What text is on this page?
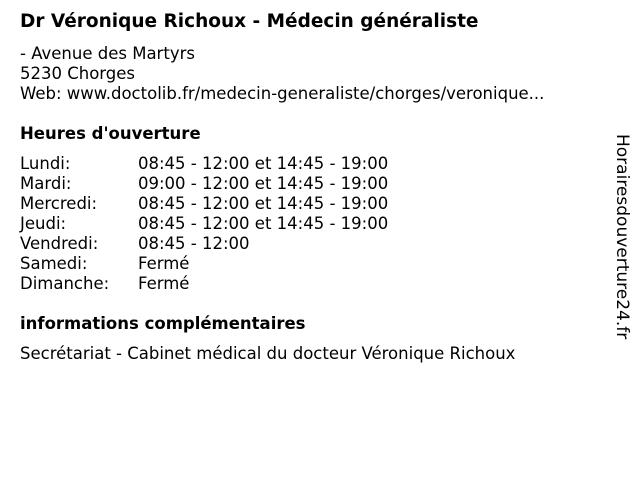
Dr Véronique Richoux - Médecin généraliste
- Avenue des Martyrs
5230 Chorges
Web: www.doctolib.fr/medecin-generaliste/chorges/veronique...
Heures d'ouverture
Lundi:	08:45 - 12:00 et 14:45 - 19:00
Mardi:	09:00 - 12:00 et 14:45 - 19:00
Mercredi:	08:45 - 12:00 et 14:45 - 19:00
Jeudi:	08:45 - 12:00 et 14:45 - 19:00
Vendredi:	08:45 - 12:00
Samedi:	Fermé
Dimanche:	Fermé
informations complémentaires
Secrétariat - Cabinet médical du docteur Véronique Richoux
Horairesdouverture24.fr
